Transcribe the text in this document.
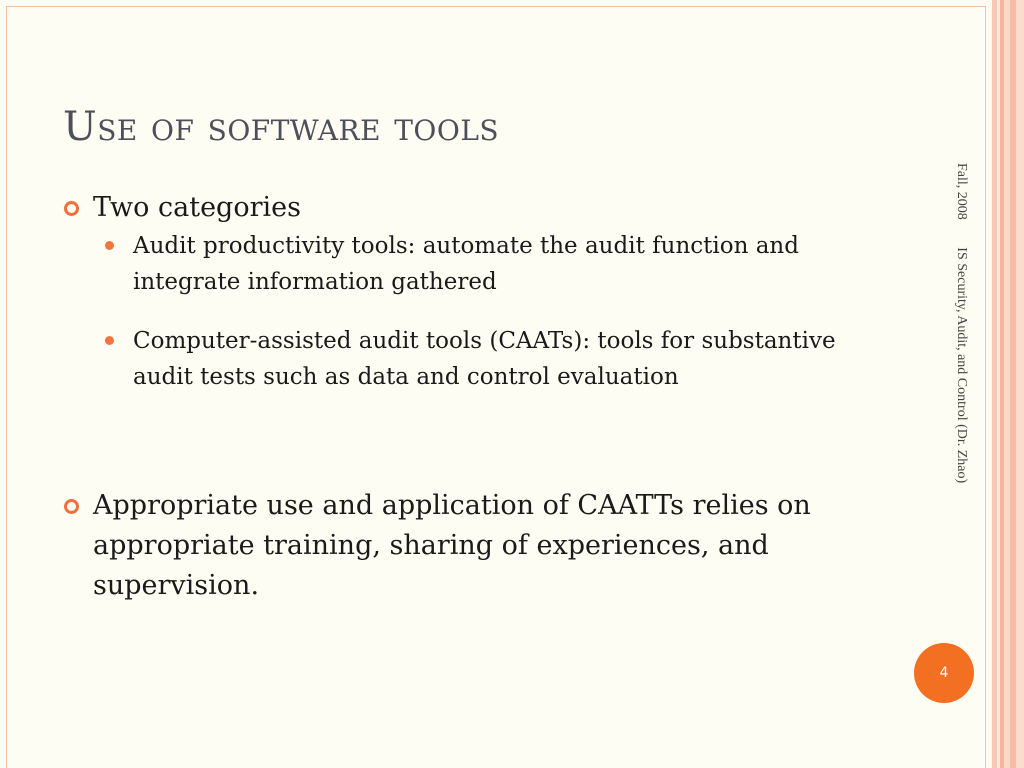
Use of software tools

Two categories

Audit productivity tools: automate the audit function and integrate information gathered

Computer-assisted audit tools (CAATs): tools for substantive audit tests such as data and control evaluation

Appropriate use and application of CAATTs relies on appropriate training, sharing of experiences, and supervision.

Fall, 2008 IS Security, Audit, and Control (Dr. Zhao)
4
